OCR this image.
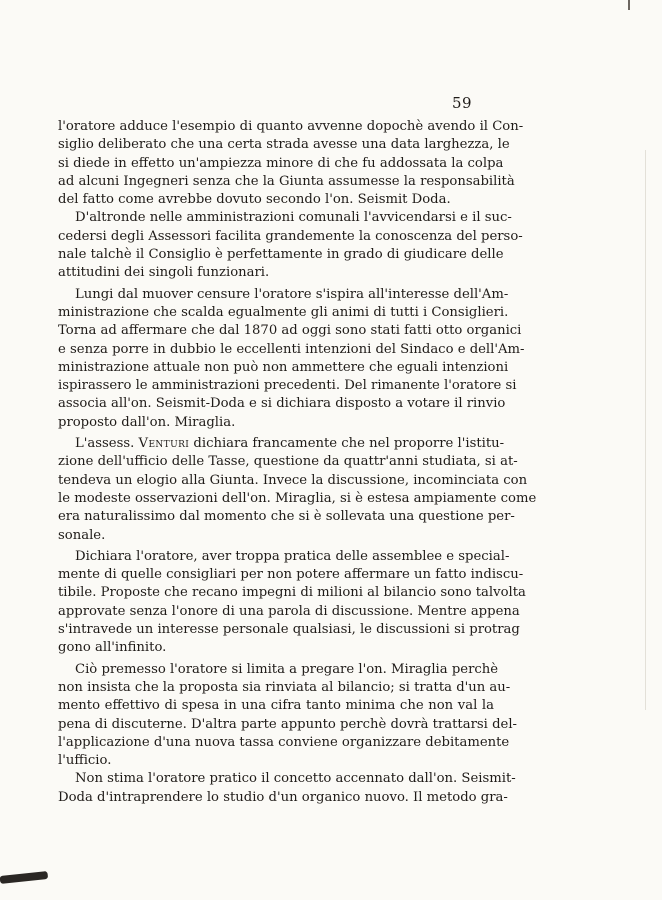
59
l'oratore adduce l'esempio di quanto avvenne dopochè avendo il Con-
siglio deliberato che una certa strada avesse una data larghezza, le
si diede in effetto un'ampiezza minore di che fu addossata la colpa
ad alcuni Ingegneri senza che la Giunta assumesse la responsabilità
del fatto come avrebbe dovuto secondo l'on. Seismit Doda.
D'altronde nelle amministrazioni comunali l'avvicendarsi e il suc-
cedersi degli Assessori facilita grandemente la conoscenza del perso-
nale talchè il Consiglio è perfettamente in grado di giudicare delle
attitudini dei singoli funzionari.
Lungi dal muover censure l'oratore s'ispira all'interesse dell'Am-
ministrazione che scalda egualmente gli animi di tutti i Consiglieri.
Torna ad affermare che dal 1870 ad oggi sono stati fatti otto organici
e senza porre in dubbio le eccellenti intenzioni del Sindaco e dell'Am-
ministrazione attuale non può non ammettere che eguali intenzioni
ispirassero le amministrazioni precedenti. Del rimanente l'oratore si
associa all'on. Seismit-Doda e si dichiara disposto a votare il rinvio
proposto dall'on. Miraglia.
L'assess. Venturi dichiara francamente che nel proporre l'istitu-
zione dell'ufficio delle Tasse, questione da quattr'anni studiata, si at-
tendeva un elogio alla Giunta. Invece la discussione, incominciata con
le modeste osservazioni dell'on. Miraglia, si è estesa ampiamente come
era naturalissimo dal momento che si è sollevata una questione per-
sonale.
Dichiara l'oratore, aver troppa pratica delle assemblee e special-
mente di quelle consigliari per non potere affermare un fatto indiscu-
tibile. Proposte che recano impegni di milioni al bilancio sono talvolta
approvate senza l'onore di una parola di discussione. Mentre appena
s'intravede un interesse personale qualsiasi, le discussioni si protrag
gono all'infinito.
Ciò premesso l'oratore si limita a pregare l'on. Miraglia perchè
non insista che la proposta sia rinviata al bilancio; si tratta d'un au-
mento effettivo di spesa in una cifra tanto minima che non val la
pena di discuterne. D'altra parte appunto perchè dovrà trattarsi del-
l'applicazione d'una nuova tassa conviene organizzare debitamente
l'ufficio.
Non stima l'oratore pratico il concetto accennato dall'on. Seismit-
Doda d'intraprendere lo studio d'un organico nuovo. Il metodo gra-
